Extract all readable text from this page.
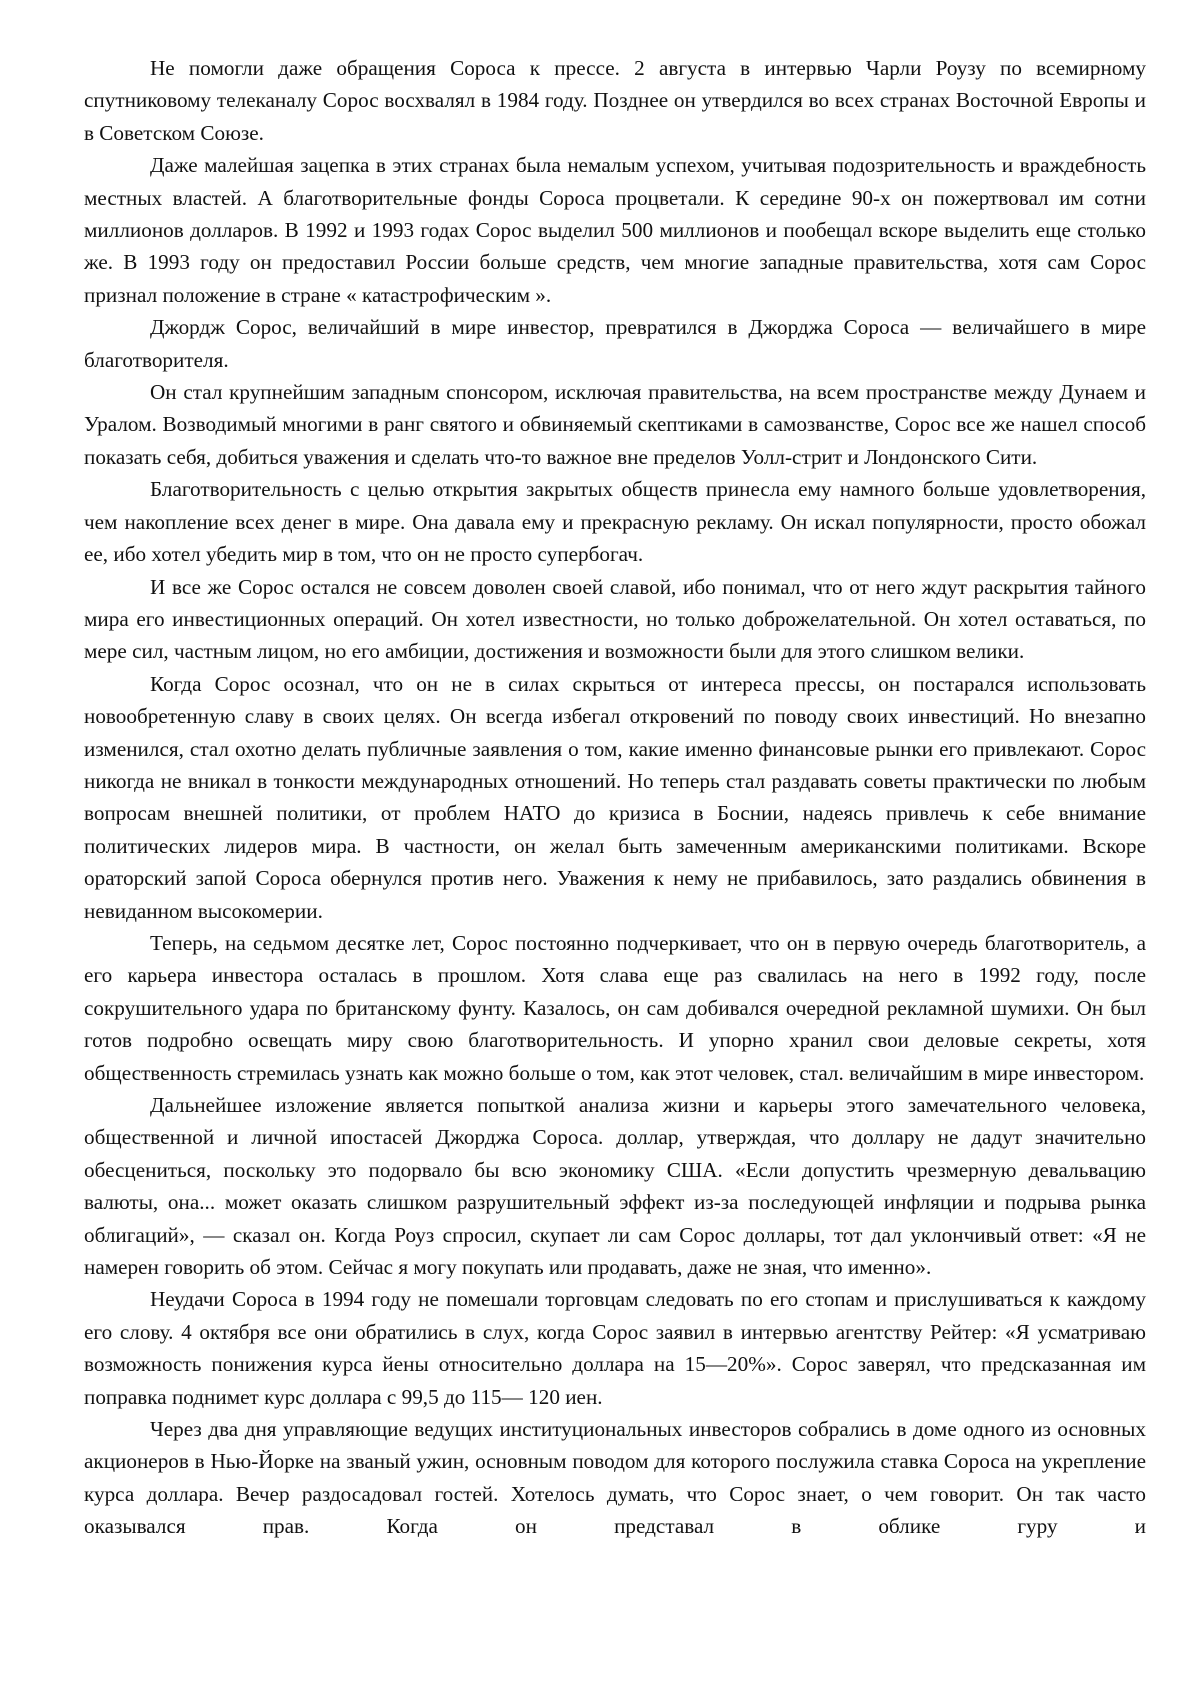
Не помогли даже обращения Сороса к прессе. 2 августа в интервью Чарли Роузу по всемирному спутниковому телеканалу Сорос восхвалял в 1984 году. Позднее он утвердился во всех странах Восточной Европы и в Советском Союзе.

Даже малейшая зацепка в этих странах была немалым успехом, учитывая подозрительность и враждебность местных властей. А благотворительные фонды Сороса процветали. К середине 90-х он пожертвовал им сотни миллионов долларов. В 1992 и 1993 годах Сорос выделил 500 миллионов и пообещал вскоре выделить еще столько же. В 1993 году он предоставил России больше средств, чем многие западные правительства, хотя сам Сорос признал положение в стране « катастрофическим ».

Джордж Сорос, величайший в мире инвестор, превратился в Джорджа Сороса — величайшего в мире благотворителя.

Он стал крупнейшим западным спонсором, исключая правительства, на всем пространстве между Дунаем и Уралом. Возводимый многими в ранг святого и обвиняемый скептиками в самозванстве, Сорос все же нашел способ показать себя, добиться уважения и сделать что-то важное вне пределов Уолл-стрит и Лондонского Сити.

Благотворительность с целью открытия закрытых обществ принесла ему намного больше удовлетворения, чем накопление всех денег в мире. Она давала ему и прекрасную рекламу. Он искал популярности, просто обожал ее, ибо хотел убедить мир в том, что он не просто супербогач.

И все же Сорос остался не совсем доволен своей славой, ибо понимал, что от него ждут раскрытия тайного мира его инвестиционных операций. Он хотел известности, но только доброжелательной. Он хотел оставаться, по мере сил, частным лицом, но его амбиции, достижения и возможности были для этого слишком велики.

Когда Сорос осознал, что он не в силах скрыться от интереса прессы, он постарался использовать новообретенную славу в своих целях. Он всегда избегал откровений по поводу своих инвестиций. Но внезапно изменился, стал охотно делать публичные заявления о том, какие именно финансовые рынки его привлекают. Сорос никогда не вникал в тонкости международных отношений. Но теперь стал раздавать советы практически по любым вопросам внешней политики, от проблем НАТО до кризиса в Боснии, надеясь привлечь к себе внимание политических лидеров мира. В частности, он желал быть замеченным американскими политиками. Вскоре ораторский запой Сороса обернулся против него. Уважения к нему не прибавилось, зато раздались обвинения в невиданном высокомерии.

Теперь, на седьмом десятке лет, Сорос постоянно подчеркивает, что он в первую очередь благотворитель, а его карьера инвестора осталась в прошлом. Хотя слава еще раз свалилась на него в 1992 году, после сокрушительного удара по британскому фунту. Казалось, он сам добивался очередной рекламной шумихи. Он был готов подробно освещать миру свою благотворительность. И упорно хранил свои деловые секреты, хотя общественность стремилась узнать как можно больше о том, как этот человек, стал. величайшим в мире инвестором.

Дальнейшее изложение является попыткой анализа жизни и карьеры этого замечательного человека, общественной и личной ипостасей Джорджа Сороса. доллар, утверждая, что доллару не дадут значительно обесцениться, поскольку это подорвало бы всю экономику США. «Если допустить чрезмерную девальвацию валюты, она... может оказать слишком разрушительный эффект из-за последующей инфляции и подрыва рынка облигаций», — сказал он. Когда Роуз спросил, скупает ли сам Сорос доллары, тот дал уклончивый ответ: «Я не намерен говорить об этом. Сейчас я могу покупать или продавать, даже не зная, что именно».

Неудачи Сороса в 1994 году не помешали торговцам следовать по его стопам и прислушиваться к каждому его слову. 4 октября все они обратились в слух, когда Сорос заявил в интервью агентству Рейтер: «Я усматриваю возможность понижения курса йены относительно доллара на 15—20%». Сорос заверял, что предсказанная им поправка поднимет курс доллара с 99,5 до 115— 120 иен.

Через два дня управляющие ведущих институциональных инвесторов собрались в доме одного из основных акционеров в Нью-Йорке на званый ужин, основным поводом для которого послужила ставка Сороса на укрепление курса доллара. Вечер раздосадовал гостей. Хотелось думать, что Сорос знает, о чем говорит. Он так часто оказывался прав. Когда он представал в облике гуру и
